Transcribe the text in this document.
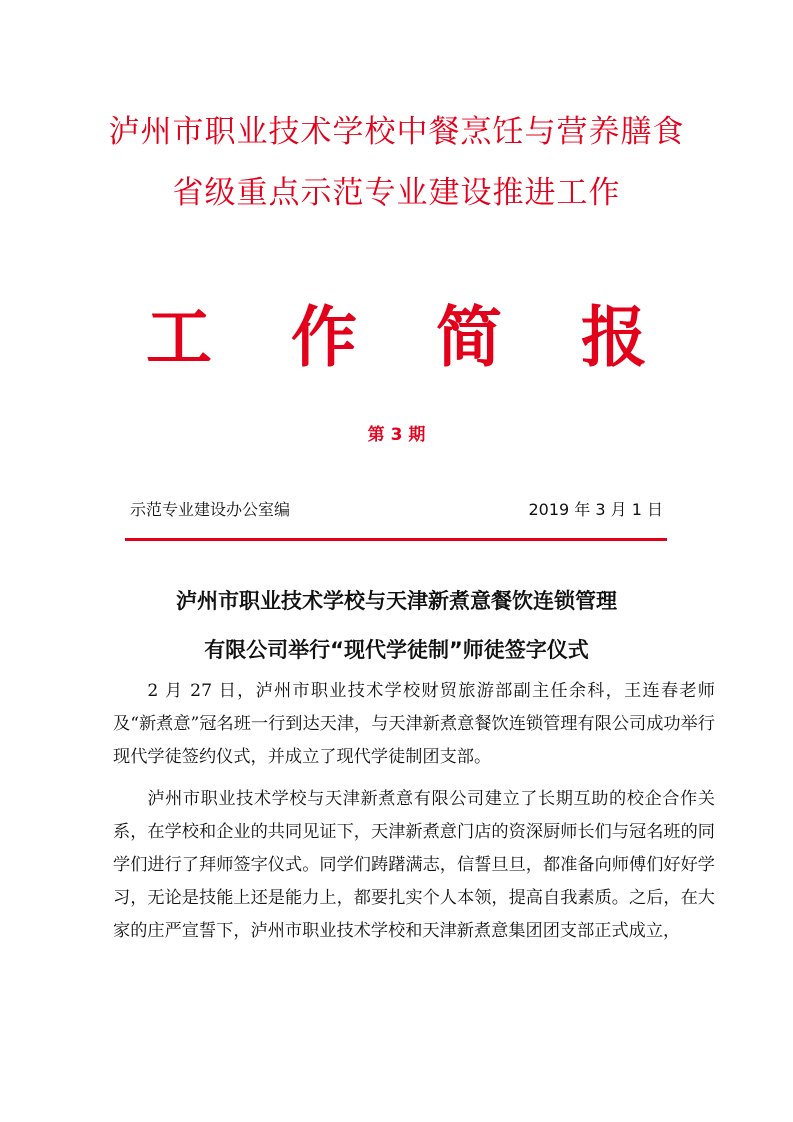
泸州市职业技术学校中餐烹饪与营养膳食
省级重点示范专业建设推进工作
工 作 简 报
第 3 期
示范专业建设办公室编	2019 年 3 月 1 日
泸州市职业技术学校与天津新煮意餐饮连锁管理
有限公司举行“现代学徒制”师徒签字仪式

2 月 27 日，泸州市职业技术学校财贸旅游部副主任余科，王连春老师及“新煮意”冠名班一行到达天津，与天津新煮意餐饮连锁管理有限公司成功举行现代学徒签约仪式，并成立了现代学徒制团支部。

泸州市职业技术学校与天津新煮意有限公司建立了长期互助的校企合作关系，在学校和企业的共同见证下，天津新煮意门店的资深厨师长们与冠名班的同学们进行了拜师签字仪式。同学们踌躇满志，信誓旦旦，都准备向师傅们好好学习，无论是技能上还是能力上，都要扎实个人本领，提高自我素质。之后，在大家的庄严宣誓下，泸州市职业技术学校和天津新煮意集团团支部正式成立，
